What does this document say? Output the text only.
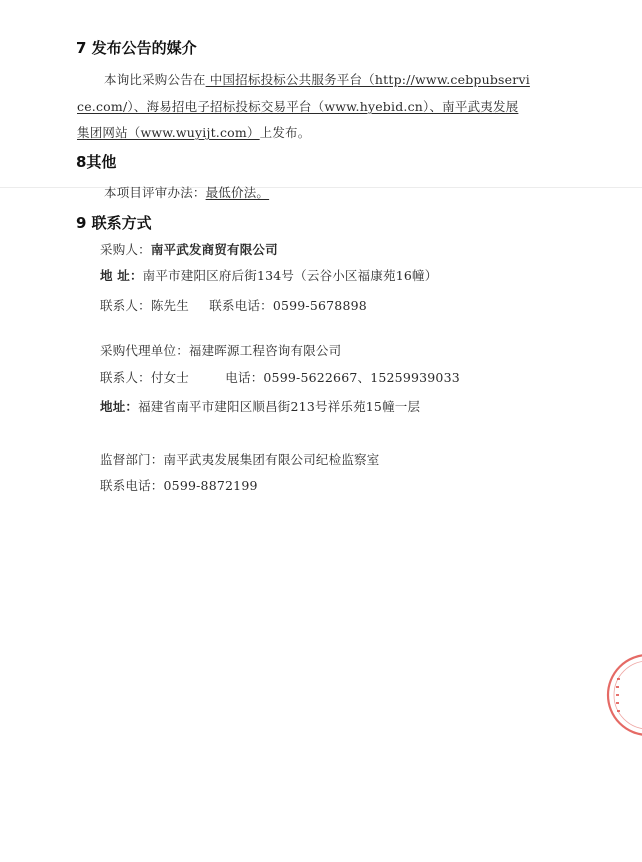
7 发布公告的媒介
本询比采购公告在 中国招标投标公共服务平台（http://www.cebpubservi
ce.com/）、海易招电子招标投标交易平台（www.hyebid.cn）、南平武夷发展
集团网站（www.wuyijt.com）上发布。
8其他
本项目评审办法：最低价法。
9 联系方式
采购人：南平武发商贸有限公司
地 址：南平市建阳区府后街134号（云谷小区福康苑16幢）
联系人：陈先生 联系电话：0599-5678898
采购代理单位：福建晖源工程咨询有限公司
联系人：付女士	电话：0599-5622667、15259939033
地址：福建省南平市建阳区顺昌街213号祥乐苑15幢一层
监督部门：南平武夷发展集团有限公司纪检监察室
联系电话：0599-8872199
